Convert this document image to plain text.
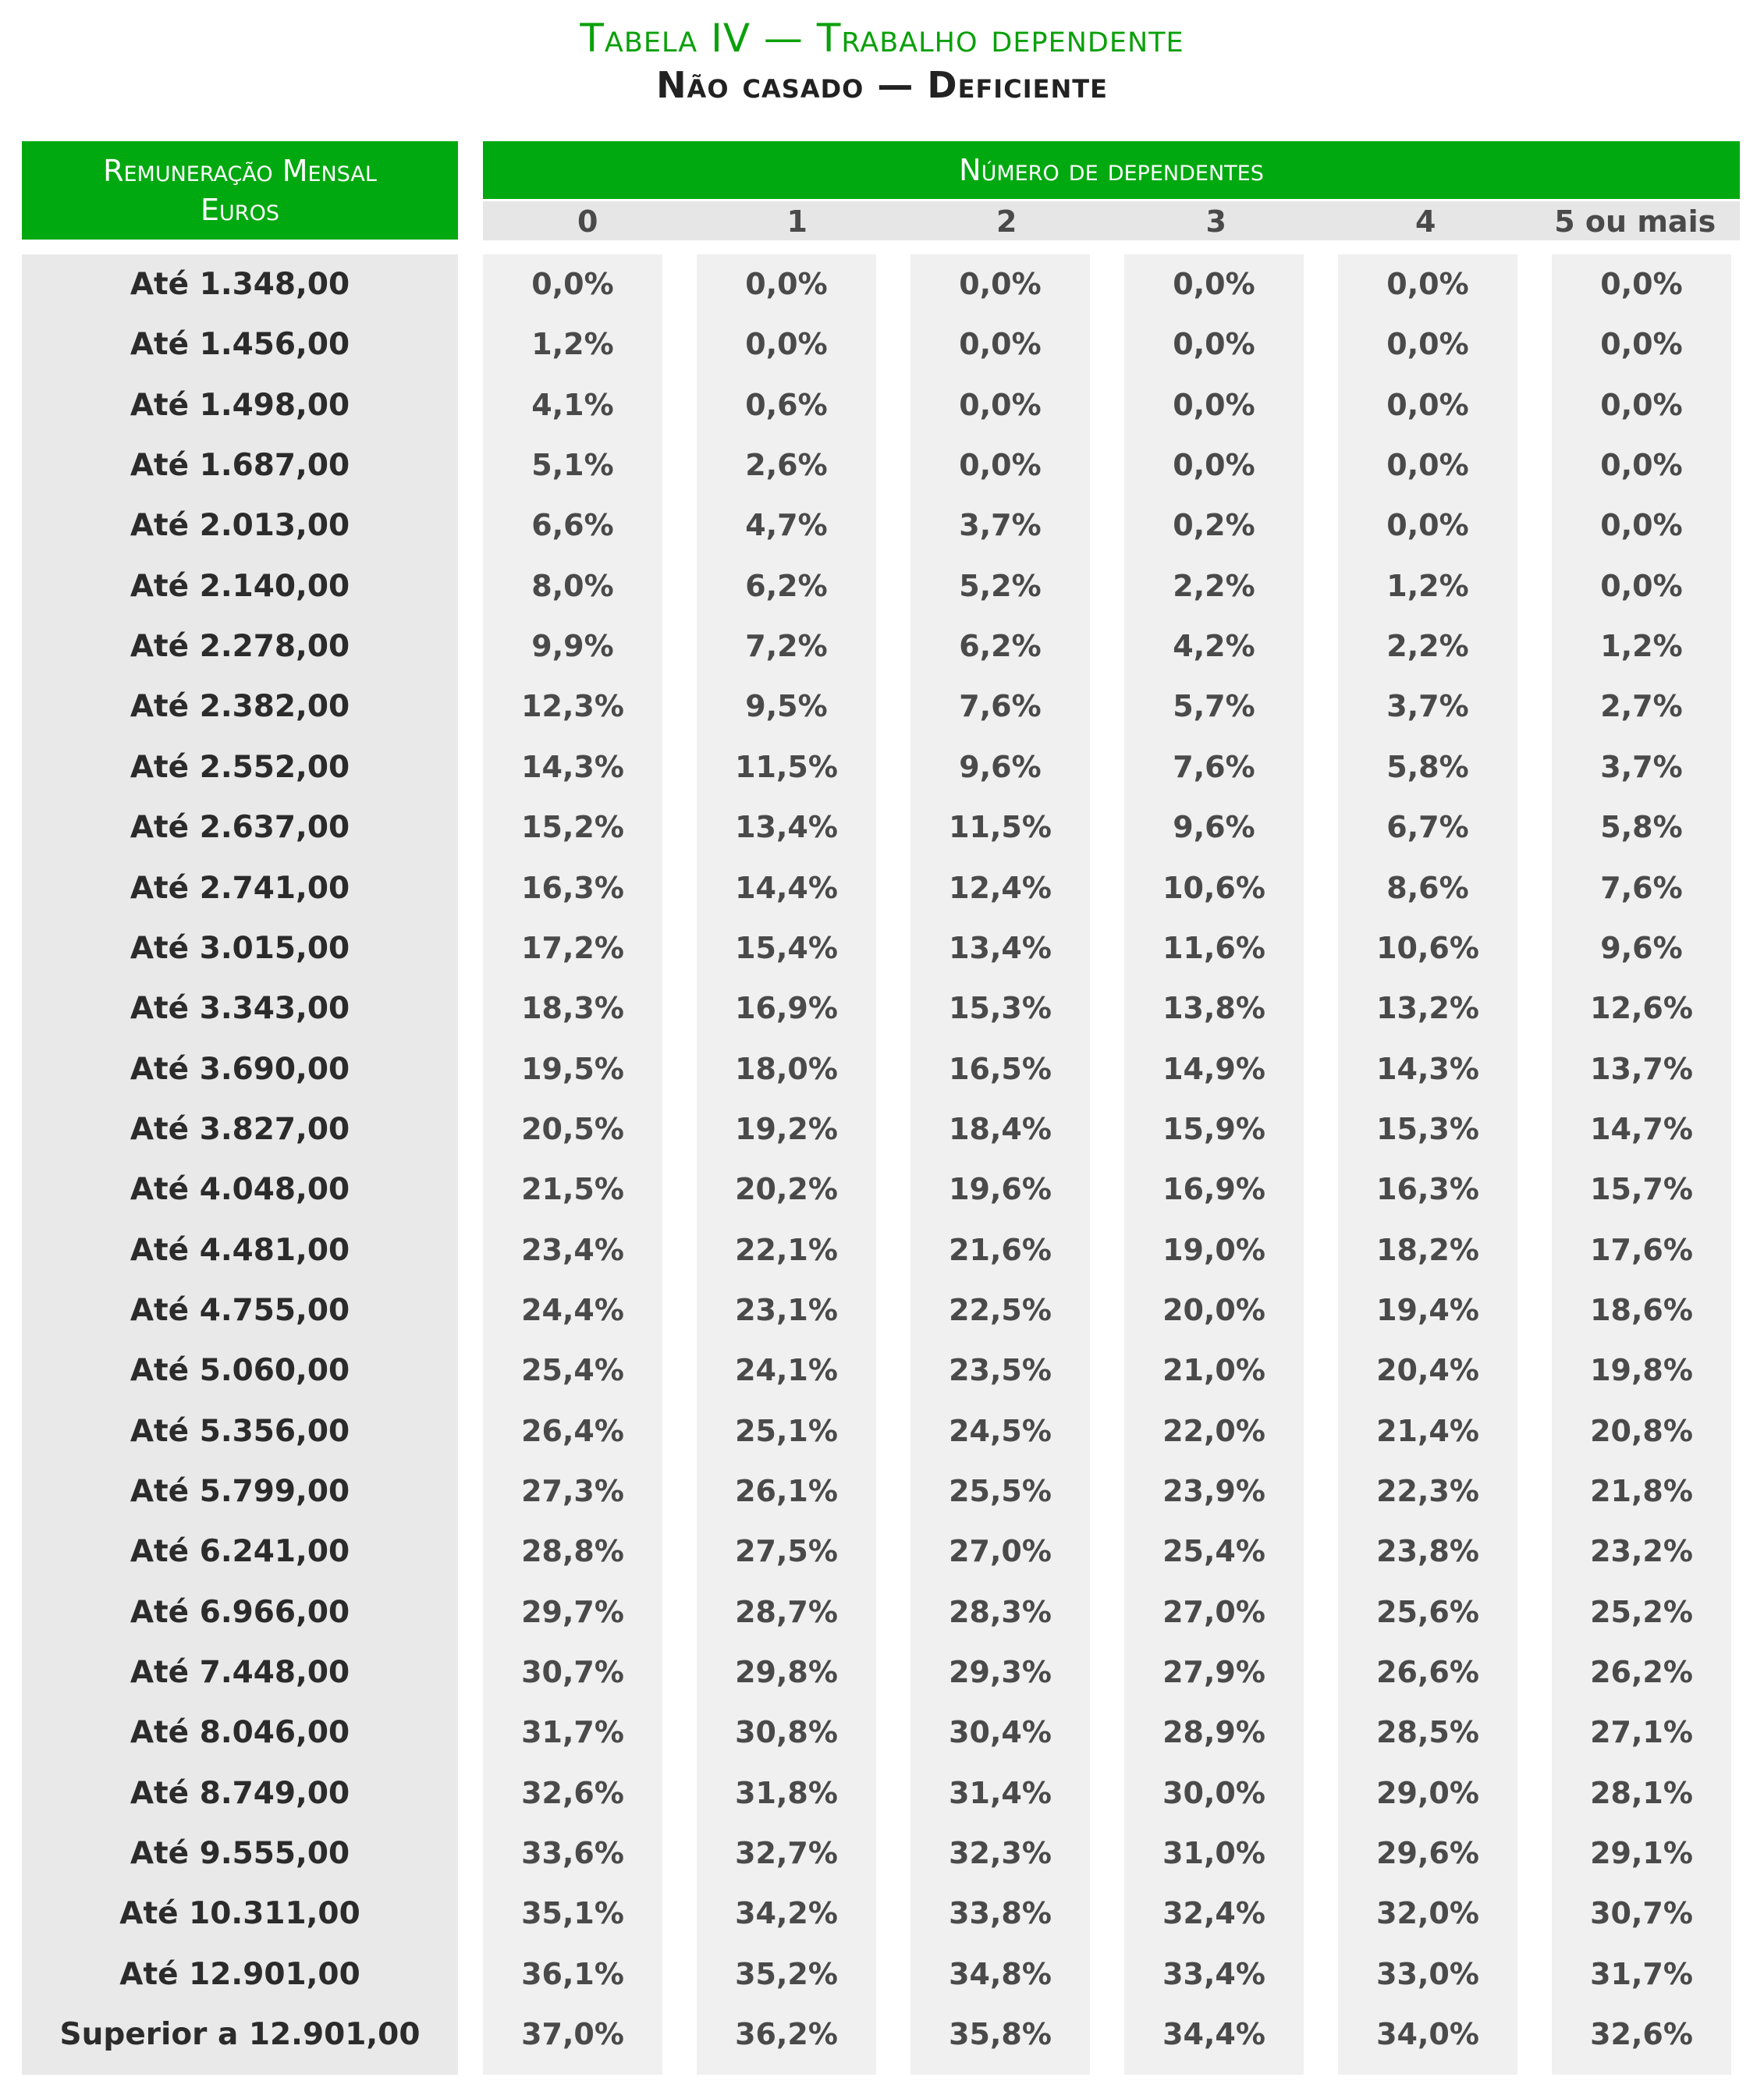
Tabela IV — Trabalho dependente
Não casado — Deficiente
Remuneração Mensal
Euros
Número de dependentes
0	1	2	3	4	5 ou mais
Até 1.348,00	0,0%	0,0%	0,0%	0,0%	0,0%	0,0%
Até 1.456,00	1,2%	0,0%	0,0%	0,0%	0,0%	0,0%
Até 1.498,00	4,1%	0,6%	0,0%	0,0%	0,0%	0,0%
Até 1.687,00	5,1%	2,6%	0,0%	0,0%	0,0%	0,0%
Até 2.013,00	6,6%	4,7%	3,7%	0,2%	0,0%	0,0%
Até 2.140,00	8,0%	6,2%	5,2%	2,2%	1,2%	0,0%
Até 2.278,00	9,9%	7,2%	6,2%	4,2%	2,2%	1,2%
Até 2.382,00	12,3%	9,5%	7,6%	5,7%	3,7%	2,7%
Até 2.552,00	14,3%	11,5%	9,6%	7,6%	5,8%	3,7%
Até 2.637,00	15,2%	13,4%	11,5%	9,6%	6,7%	5,8%
Até 2.741,00	16,3%	14,4%	12,4%	10,6%	8,6%	7,6%
Até 3.015,00	17,2%	15,4%	13,4%	11,6%	10,6%	9,6%
Até 3.343,00	18,3%	16,9%	15,3%	13,8%	13,2%	12,6%
Até 3.690,00	19,5%	18,0%	16,5%	14,9%	14,3%	13,7%
Até 3.827,00	20,5%	19,2%	18,4%	15,9%	15,3%	14,7%
Até 4.048,00	21,5%	20,2%	19,6%	16,9%	16,3%	15,7%
Até 4.481,00	23,4%	22,1%	21,6%	19,0%	18,2%	17,6%
Até 4.755,00	24,4%	23,1%	22,5%	20,0%	19,4%	18,6%
Até 5.060,00	25,4%	24,1%	23,5%	21,0%	20,4%	19,8%
Até 5.356,00	26,4%	25,1%	24,5%	22,0%	21,4%	20,8%
Até 5.799,00	27,3%	26,1%	25,5%	23,9%	22,3%	21,8%
Até 6.241,00	28,8%	27,5%	27,0%	25,4%	23,8%	23,2%
Até 6.966,00	29,7%	28,7%	28,3%	27,0%	25,6%	25,2%
Até 7.448,00	30,7%	29,8%	29,3%	27,9%	26,6%	26,2%
Até 8.046,00	31,7%	30,8%	30,4%	28,9%	28,5%	27,1%
Até 8.749,00	32,6%	31,8%	31,4%	30,0%	29,0%	28,1%
Até 9.555,00	33,6%	32,7%	32,3%	31,0%	29,6%	29,1%
Até 10.311,00	35,1%	34,2%	33,8%	32,4%	32,0%	30,7%
Até 12.901,00	36,1%	35,2%	34,8%	33,4%	33,0%	31,7%
Superior a 12.901,00	37,0%	36,2%	35,8%	34,4%	34,0%	32,6%
